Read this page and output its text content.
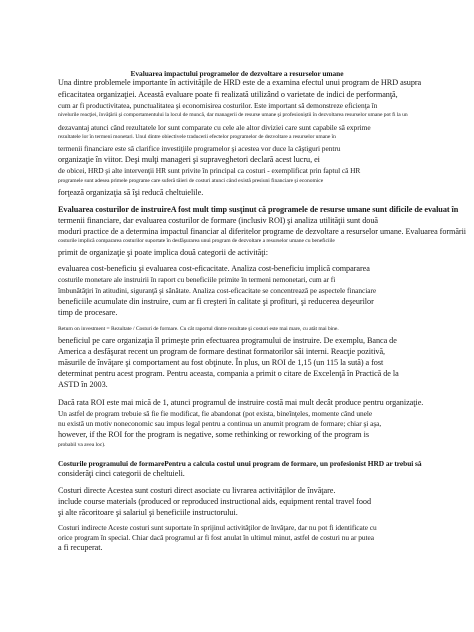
Evaluarea impactului programelor de dezvoltare a resurselor umane
Una dintre problemele importante în activităţile de HRD este de a examina efectul unui program de HRD asupra
eficacitatea organizaţiei. Această evaluare poate fi realizată utilizând o varietate de indici de performanţă,
cum ar fi productivitatea, punctualitatea şi economisirea costurilor. Este important să demonstreze eficienţa în
nivelurile reacţiei, învăţării şi comportamentului la locul de muncă, dar managerii de resurse umane şi profesioniştii în dezvoltarea resurselor umane pot fi la un
dezavantaj atunci când rezultatele lor sunt comparate cu cele ale altor diviziei care sunt capabile să exprime
rezultatele lor în termeni monetari. Unul dintre obiectivele traducerii efectelor programelor de dezvoltare a resurselor umane în
termenii financiare este să clarifice investiţiile programelor şi acestea vor duce la câştiguri pentru
organizaţie în viitor. Deşi mulţi manageri şi supraveghetori declară acest lucru, ei
de obicei, HRD şi alte intervenţii HR sunt privite în principal ca costuri - exemplificat prin faptul că HR
programele sunt adesea primele programe care suferă tăieri de costuri atunci când există presiuni financiare şi economice
forţează organizaţia să îşi reducă cheltuielile.
Evaluarea costurilor de instruireA fost mult timp susţinut că programele de resurse umane sunt dificile de evaluat în
termenii financiare, dar evaluarea costurilor de formare (inclusiv ROI) şi analiza utilităţii sunt două
moduri practice de a determina impactul financiar al diferitelor programe de dezvoltare a resurselor umane. Evaluarea formării
costurile implică compararea costurilor suportate în desfăşurarea unui program de dezvoltare a resurselor umane cu beneficiile
primit de organizaţie şi poate implica două categorii de activităţi:
evaluarea cost-beneficiu şi evaluarea cost-eficacitate. Analiza cost-beneficiu implică compararea
costurile monetare ale instruirii în raport cu beneficiile primite în termeni nemonetari, cum ar fi
îmbunătăţiri în atitudini, siguranţă şi sănătate. Analiza cost-eficacitate se concentrează pe aspectele financiare
beneficiile acumulate din instruire, cum ar fi creşteri în calitate şi profituri, şi reducerea deşeurilor
timp de procesare.
Return on investment = Rezultate / Costuri de formare. Cu cât raportul dintre rezultate şi costuri este mai mare, cu atât mai bine.
beneficiul pe care organizaţia îl primeşte prin efectuarea programului de instruire. De exemplu, Banca de
America a desfăşurat recent un program de formare destinat formatorilor săi interni. Reacţie pozitivă,
măsurile de învăţare şi comportament au fost obţinute. În plus, un ROI de 1,15 (un 115 la sută) a fost
determinat pentru acest program. Pentru aceasta, compania a primit o citare de Excelenţă în Practică de la
ASTD în 2003.
Dacă rata ROI este mai mică de 1, atunci programul de instruire costă mai mult decât produce pentru organizaţie.
Un astfel de program trebuie să fie fie modificat, fie abandonat (pot exista, bineînţeles, momente când unele
nu există un motiv noneconomic sau impus legal pentru a continua un anumit program de formare; chiar şi aşa,
however, if the ROI for the program is negative, some rethinking or reworking of the program is
probabil va avea loc).
Costurile programului de formarePentru a calcula costul unui program de formare, un profesionist HRD ar trebui să
considerăţi cinci categorii de cheltuieli.
Costuri directe Acestea sunt costuri direct asociate cu livrarea activităţilor de învăţare.
include course materials (produced or reproduced instructional aids, equipment rental travel food
şi alte răcoritoare şi salariul şi beneficiile instructorului.
Costuri indirecte Aceste costuri sunt suportate în sprijinul activităţilor de învăţare, dar nu pot fi identificate cu
orice program în special. Chiar dacă programul ar fi fost anulat în ultimul minut, astfel de costuri nu ar putea
a fi recuperat.
